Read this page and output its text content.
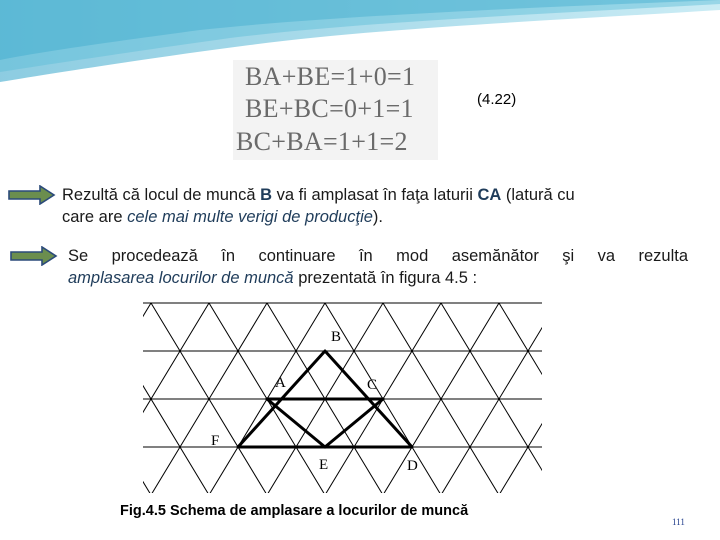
BA+BE=1+0=1
BE+BC=0+1=1
BC+BA=1+1=2
(4.22)
Rezultă că locul de muncă B va fi amplasat în faţa laturii CA (latură cu
care are cele mai multe verigi de producţie).
Se procedează în continuare în mod asemănător şi va rezulta
amplasarea locurilor de muncă prezentată în figura 4.5 :
B
A	C
F
E	D
Fig.4.5 Schema de amplasare a locurilor de muncă
111
